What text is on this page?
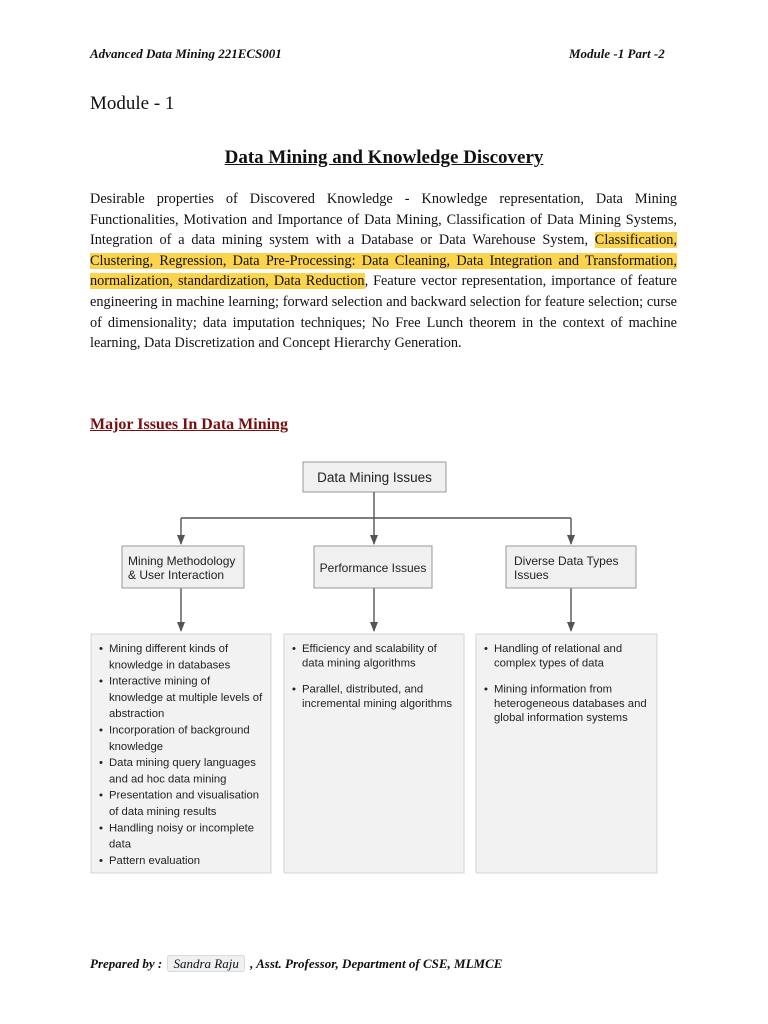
Advanced Data Mining 221ECS001	Module -1 Part -2
Module - 1
Data Mining and Knowledge Discovery

Desirable properties of Discovered Knowledge - Knowledge representation, Data Mining Functionalities, Motivation and Importance of Data Mining, Classification of Data Mining Systems, Integration of a data mining system with a Database or Data Warehouse System, Classification, Clustering, Regression, Data Pre-Processing: Data Cleaning, Data Integration and Transformation, normalization, standardization, Data Reduction, Feature vector representation, importance of feature engineering in machine learning; forward selection and backward selection for feature selection; curse of dimensionality; data imputation techniques; No Free Lunch theorem in the context of machine learning, Data Discretization and Concept Hierarchy Generation.

Major Issues In Data Mining
Data Mining Issues
Mining Methodology & User Interaction	Performance Issues	Diverse Data Types Issues
• Mining different kinds of
knowledge in databases
• Interactive mining of
knowledge at multiple levels of
abstraction
• Incorporation of background
knowledge
• Data mining query languages
and ad hoc data mining
• Presentation and visualisation
of data mining results
• Handling noisy or incomplete
data
• Pattern evaluation
• Efficiency and scalability of
data mining algorithms
• Parallel, distributed, and
incremental mining algorithms
• Handling of relational and
complex types of data
• Mining information from
heterogeneous databases and
global information systems
Prepared by : Sandra Raju , Asst. Professor, Department of CSE, MLMCE
